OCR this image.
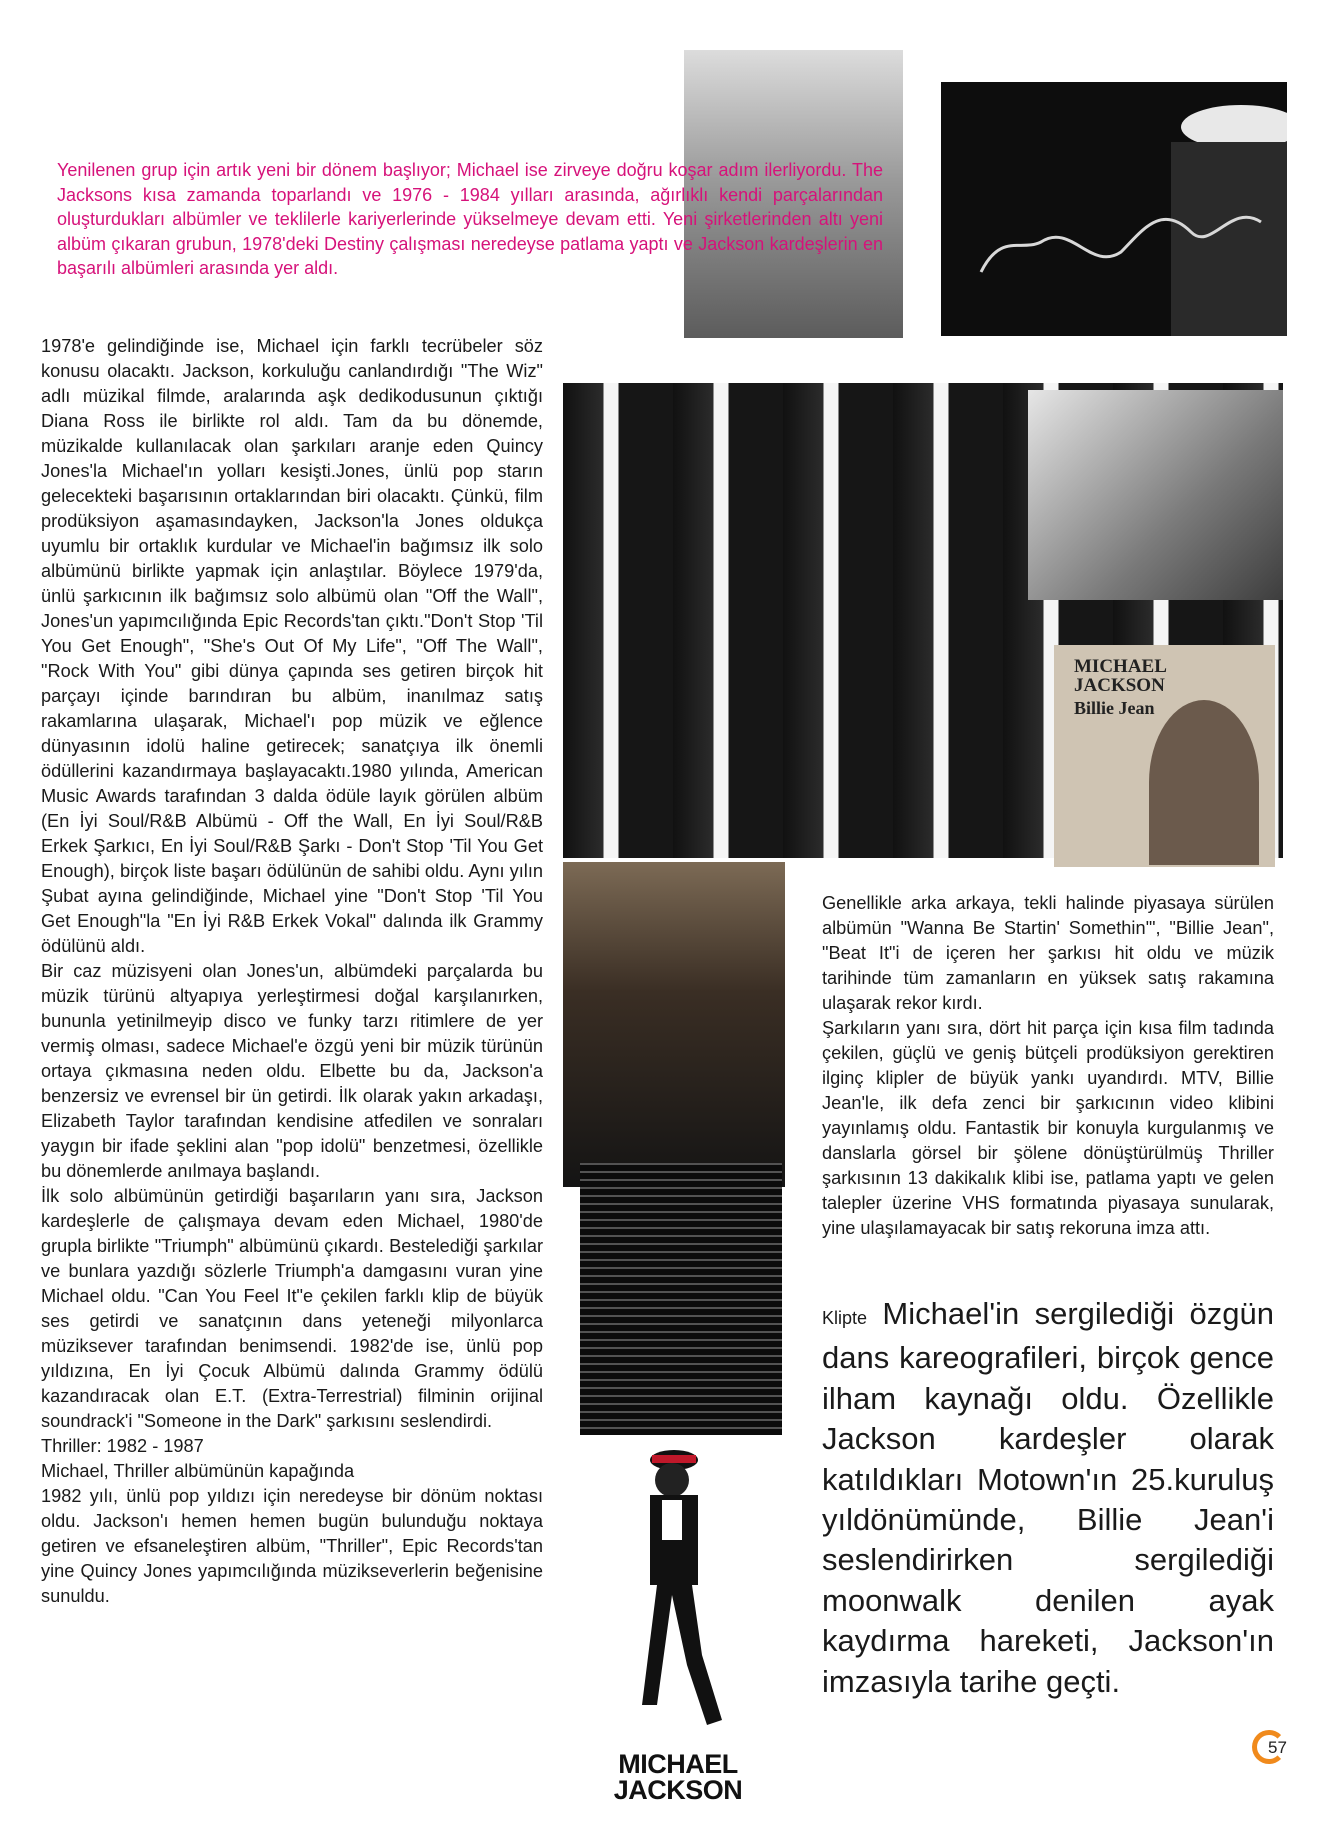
MICHAEL
JACKSON
Billie Jean
Yenilenen grup için artık yeni bir dönem başlıyor; Michael ise zirveye doğru koşar adım ilerliyordu. The Jacksons kısa zamanda toparlandı ve 1976 - 1984 yılları arasında, ağırlıklı kendi parçalarından oluşturdukları albümler ve teklilerle kariyerlerinde yükselmeye devam etti. Yeni şirketlerinden altı yeni albüm çıkaran grubun, 1978'deki Destiny çalışması neredeyse patlama yaptı ve Jackson kardeşlerin en başarılı albümleri arasında yer aldı.

1978'e gelindiğinde ise, Michael için farklı tecrübeler söz konusu olacaktı. Jackson, korkuluğu canlandırdığı "The Wiz" adlı müzikal filmde, aralarında aşk dedikodusunun çıktığı Diana Ross ile birlikte rol aldı. Tam da bu dönemde, müzikalde kullanılacak olan şarkıları aranje eden Quincy Jones'la Michael'ın yolları kesişti.Jones, ünlü pop starın gelecekteki başarısının ortaklarından biri olacaktı. Çünkü, film prodüksiyon aşamasındayken, Jackson'la Jones oldukça uyumlu bir ortaklık kurdular ve Michael'in bağımsız ilk solo albümünü birlikte yapmak için anlaştılar. Böylece 1979'da, ünlü şarkıcının ilk bağımsız solo albümü olan "Off the Wall", Jones'un yapımcılığında Epic Records'tan çıktı."Don't Stop 'Til You Get Enough", "She's Out Of My Life", "Off The Wall", "Rock With You" gibi dünya çapında ses getiren birçok hit parçayı içinde barındıran bu albüm, inanılmaz satış rakamlarına ulaşarak, Michael'ı pop müzik ve eğlence dünyasının idolü haline getirecek; sanatçıya ilk önemli ödüllerini kazandırmaya başlayacaktı.1980 yılında, American Music Awards tarafından 3 dalda ödüle layık görülen albüm (En İyi Soul/R&B Albümü - Off the Wall, En İyi Soul/R&B Erkek Şarkıcı, En İyi Soul/R&B Şarkı - Don't Stop 'Til You Get Enough), birçok liste başarı ödülünün de sahibi oldu. Aynı yılın Şubat ayına gelindiğinde, Michael yine "Don't Stop 'Til You Get Enough"la "En İyi R&B Erkek Vokal" dalında ilk Grammy ödülünü aldı.

Bir caz müzisyeni olan Jones'un, albümdeki parçalarda bu müzik türünü altyapıya yerleştirmesi doğal karşılanırken, bununla yetinilmeyip disco ve funky tarzı ritimlere de yer vermiş olması, sadece Michael'e özgü yeni bir müzik türünün ortaya çıkmasına neden oldu. Elbette bu da, Jackson'a benzersiz ve evrensel bir ün getirdi. İlk olarak yakın arkadaşı, Elizabeth Taylor tarafından kendisine atfedilen ve sonraları yaygın bir ifade şeklini alan "pop idolü" benzetmesi, özellikle bu dönemlerde anılmaya başlandı.

İlk solo albümünün getirdiği başarıların yanı sıra, Jackson kardeşlerle de çalışmaya devam eden Michael, 1980'de grupla birlikte "Triumph" albümünü çıkardı. Bestelediği şarkılar ve bunlara yazdığı sözlerle Triumph'a damgasını vuran yine Michael oldu. "Can You Feel It"e çekilen farklı klip de büyük ses getirdi ve sanatçının dans yeteneği milyonlarca müziksever tarafından benimsendi. 1982'de ise, ünlü pop yıldızına, En İyi Çocuk Albümü dalında Grammy ödülü kazandıracak olan E.T. (Extra-Terrestrial) filminin orijinal soundrack'i "Someone in the Dark" şarkısını seslendirdi.

Thriller: 1982 - 1987

Michael, Thriller albümünün kapağında

1982 yılı, ünlü pop yıldızı için neredeyse bir dönüm noktası oldu. Jackson'ı hemen hemen bugün bulunduğu noktaya getiren ve efsaneleştiren albüm, "Thriller", Epic Records'tan yine Quincy Jones yapımcılığında müzikseverlerin beğenisine sunuldu.

Genellikle arka arkaya, tekli halinde piyasaya sürülen albümün "Wanna Be Startin' Somethin'", "Billie Jean", "Beat It"i de içeren her şarkısı hit oldu ve müzik tarihinde tüm zamanların en yüksek satış rakamına ulaşarak rekor kırdı.

Şarkıların yanı sıra, dört hit parça için kısa film tadında çekilen, güçlü ve geniş bütçeli prodüksiyon gerektiren ilginç klipler de büyük yankı uyandırdı. MTV, Billie Jean'le, ilk defa zenci bir şarkıcının video klibini yayınlamış oldu. Fantastik bir konuyla kurgulanmış ve danslarla görsel bir şölene dönüştürülmüş Thriller şarkısının 13 dakikalık klibi ise, patlama yaptı ve gelen talepler üzerine VHS formatında piyasaya sunularak, yine ulaşılamayacak bir satış rekoruna imza attı.

Klipte Michael'in sergilediği özgün dans kareografileri, birçok gence ilham kaynağı oldu. Özellikle Jackson kardeşler olarak katıldıkları Motown'ın 25.kuruluş yıldönümünde, Billie Jean'i seslendirirken sergilediği moonwalk denilen ayak kaydırma hareketi, Jackson'ın imzasıyla tarihe geçti.
MICHAEL
JACKSON
57
